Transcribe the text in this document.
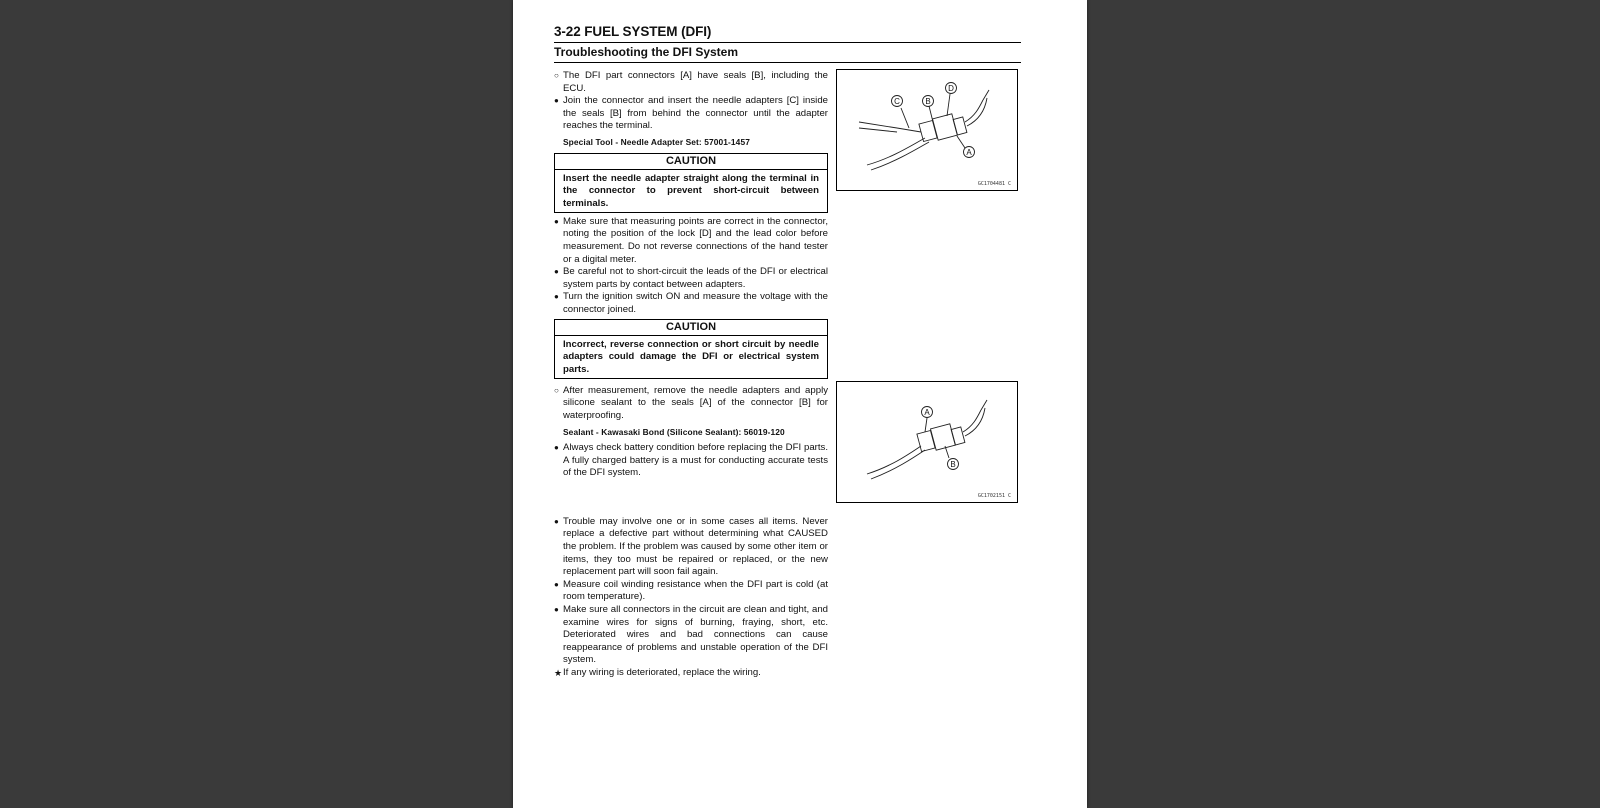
3-22 FUEL SYSTEM (DFI)
Troubleshooting the DFI System
○ The DFI part connectors [A] have seals [B], including the ECU.
● Join the connector and insert the needle adapters [C] inside the seals [B] from behind the connector until the adapter reaches the terminal.
Special Tool - Needle Adapter Set: 57001-1457
CAUTION
Insert the needle adapter straight along the terminal in the connector to prevent short-circuit between terminals.
● Make sure that measuring points are correct in the connector, noting the position of the lock [D] and the lead color before measurement. Do not reverse connections of the hand tester or a digital meter.
● Be careful not to short-circuit the leads of the DFI or electrical system parts by contact between adapters.
● Turn the ignition switch ON and measure the voltage with the connector joined.
CAUTION
Incorrect, reverse connection or short circuit by needle adapters could damage the DFI or electrical system parts.
○ After measurement, remove the needle adapters and apply silicone sealant to the seals [A] of the connector [B] for waterproofing.
Sealant - Kawasaki Bond (Silicone Sealant): 56019-120
● Always check battery condition before replacing the DFI parts. A fully charged battery is a must for conducting accurate tests of the DFI system.
● Trouble may involve one or in some cases all items. Never replace a defective part without determining what CAUSED the problem. If the problem was caused by some other item or items, they too must be repaired or replaced, or the new replacement part will soon fail again.
● Measure coil winding resistance when the DFI part is cold (at room temperature).
● Make sure all connectors in the circuit are clean and tight, and examine wires for signs of burning, fraying, short, etc. Deteriorated wires and bad connections can cause reappearance of problems and unstable operation of the DFI system.
★ If any wiring is deteriorated, replace the wiring.
C	B
D
A
GC1704481 C
A
B
GC1702151 C
